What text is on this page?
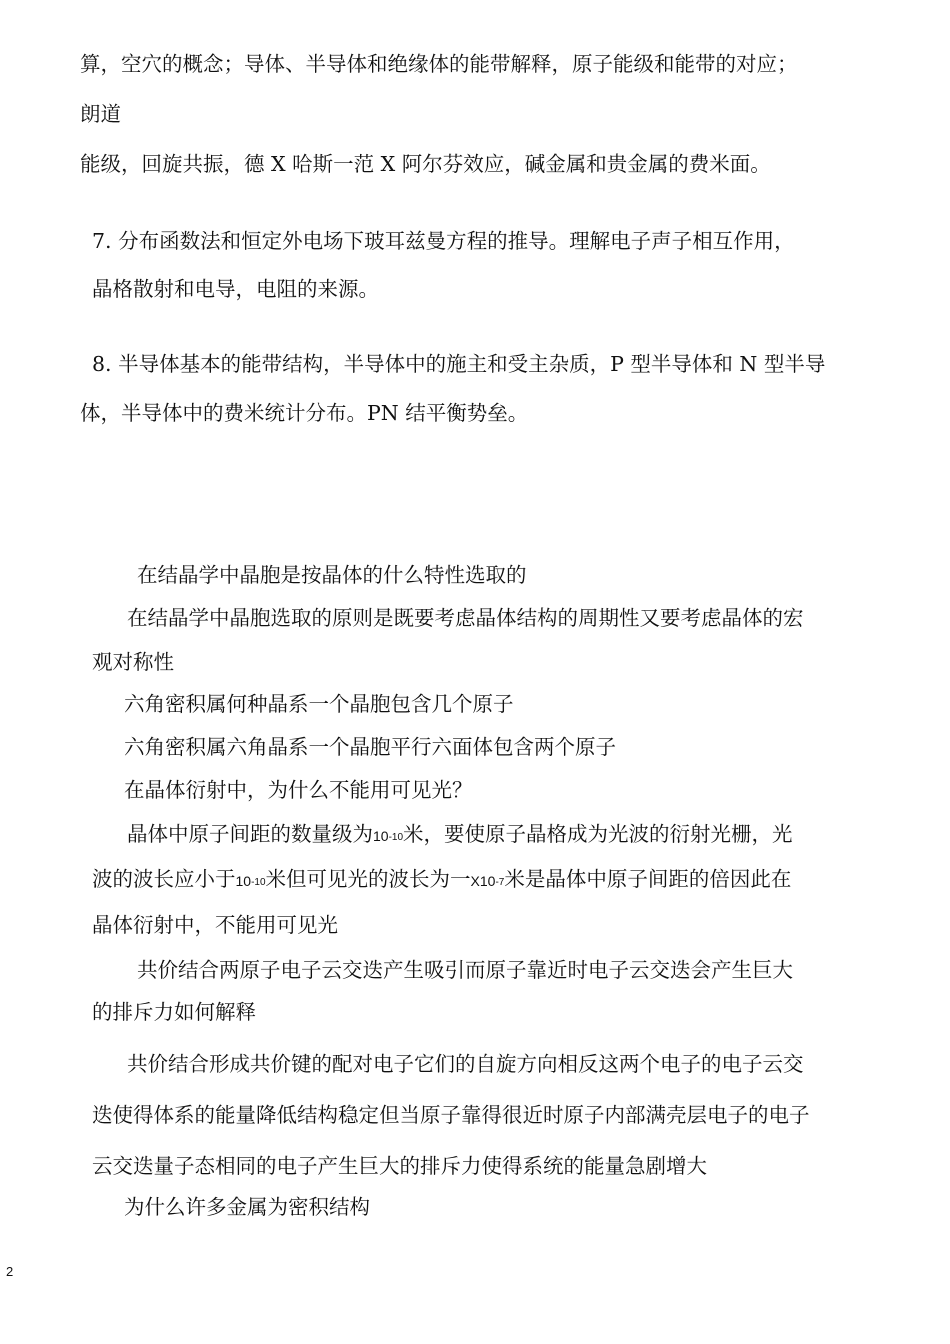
算，空穴的概念；导体、半导体和绝缘体的能带解释，原子能级和能带的对应；
朗道
能级，回旋共振，德 X 哈斯一范 X 阿尔芬效应，碱金属和贵金属的费米面。
7. 分布函数法和恒定外电场下玻耳兹曼方程的推导。理解电子声子相互作用，
晶格散射和电导，电阻的来源。
8. 半导体基本的能带结构，半导体中的施主和受主杂质，P 型半导体和 N 型半导
体，半导体中的费米统计分布。PN 结平衡势垒。
在结晶学中晶胞是按晶体的什么特性选取的
在结晶学中晶胞选取的原则是既要考虑晶体结构的周期性又要考虑晶体的宏
观对称性
六角密积属何种晶系一个晶胞包含几个原子
六角密积属六角晶系一个晶胞平行六面体包含两个原子
在晶体衍射中，为什么不能用可见光？
晶体中原子间距的数量级为10-10米，要使原子晶格成为光波的衍射光栅，光
波的波长应小于10-10米但可见光的波长为一X10-7米是晶体中原子间距的倍因此在
晶体衍射中，不能用可见光
共价结合两原子电子云交迭产生吸引而原子靠近时电子云交迭会产生巨大
的排斥力如何解释
共价结合形成共价键的配对电子它们的自旋方向相反这两个电子的电子云交
迭使得体系的能量降低结构稳定但当原子靠得很近时原子内部满壳层电子的电子
云交迭量子态相同的电子产生巨大的排斥力使得系统的能量急剧增大
为什么许多金属为密积结构
2
